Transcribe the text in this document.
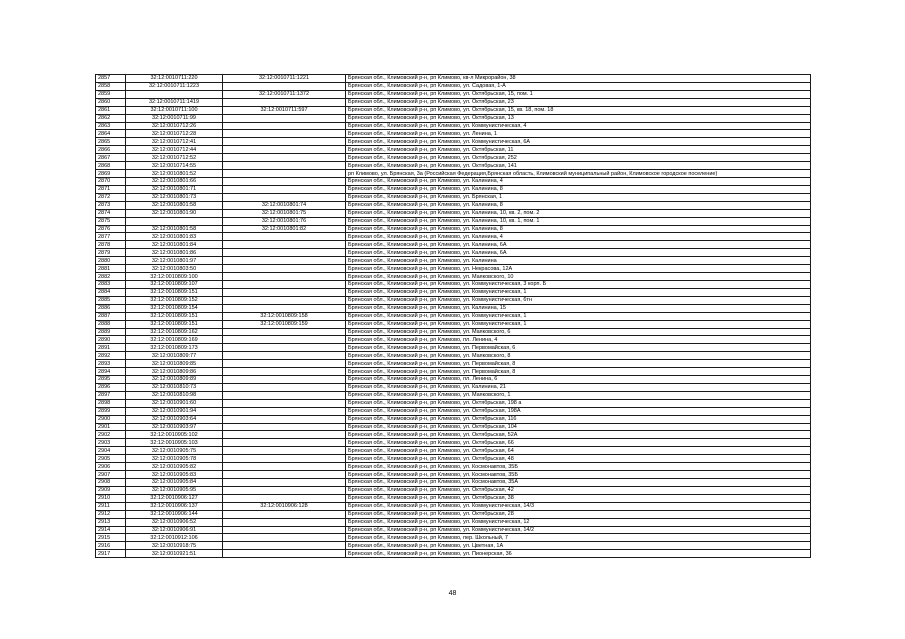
2857	32:12:0010711:220	32:12:0010711:1221	Брянская обл., Климовский р-н, рп Климово, кв-л Микрорайон, 38
2858	32:12:0010711:1223		Брянская обл., Климовский р-н, рп Климово, ул. Садовая, 1-А
2859		32:12:0010711:1372	Брянская обл., Климовский р-н, рп Климово, ул. Октябрьская, 15, пом. 1
2860	32:12:0010711:1419		Брянская обл., Климовский р-н, рп Климово, ул. Октябрьская, 23
2861	32:12:0010711:100	32:12:0010711:597	Брянская обл., Климовский р-н, рп Климово, ул. Октябрьская, 15, кв. 18, пом. 18
2862	32:12:0010711:99		Брянская обл., Климовский р-н, рп Климово, ул. Октябрьская, 13
2863	32:12:0010712:26		Брянская обл., Климовский р-н, рп Климово, ул. Коммунистическая, 4
2864	32:12:0010712:28		Брянская обл., Климовский р-н, рп Климово, ул. Ленина, 1
2865	32:12:0010712:41		Брянская обл., Климовский р-н, рп Климово, ул. Коммунистическая, 6А
2866	32:12:0010712:44		Брянская обл., Климовский р-н, рп Климово, ул. Октябрьская, 11
2867	32:12:0010712:52		Брянская обл., Климовский р-н, рп Климово, ул. Октябрьская, 252
2868	32:12:0010714:55		Брянская обл., Климовский р-н, рп Климово, ул. Октябрьская, 141
2869	32:12:0010801:52		рп Климово, ул. Брянская, 3а (Российская Федерация,Брянская область, Климовский муниципальный район, Климовское городское поселение)
2870	32:12:0010801:66		Брянская обл., Климовский р-н, рп Климово, ул. Калинина, 4
2871	32:12:0010801:71		Брянская обл., Климовский р-н, рп Климово, ул. Калинина, 8
2872	32:12:0010801:73		Брянская обл., Климовский р-н, рп Климово, ул. Брянская, 1
2873	32:12:0010801:58	32:12:0010801:74	Брянская обл., Климовский р-н, рп Климово, ул. Калинина, 8
2874	32:12:0010801:90	32:12:0010801:75	Брянская обл., Климовский р-н, рп Климово, ул. Калинина, 10, кв. 2, пом. 2
2875		32:12:0010801:76	Брянская обл., Климовский р-н, рп Климово, ул. Калинина, 10, кв. 1, пом. 1
2876	32:12:0010801:58	32:12:0010801:82	Брянская обл., Климовский р-н, рп Климово, ул. Калинина, 8
2877	32:12:0010801:83		Брянская обл., Климовский р-н, рп Климово, ул. Калинина, 4
2878	32:12:0010801:84		Брянская обл., Климовский р-н, рп Климово, ул. Калинина, 6А
2879	32:12:0010801:86		Брянская обл., Климовский р-н, рп Климово, ул. Калинина, 6А
2880	32:12:0010801:97		Брянская обл., Климовский р-н, рп Климово, ул. Калинина
2881	32:12:0010803:50		Брянская обл., Климовский р-н, рп Климово, ул. Некрасова, 12А
2882	32:12:0010809:100		Брянская обл., Климовский р-н, рп Климово, ул. Маяковского, 10
2883	32:12:0010809:107		Брянская обл., Климовский р-н, рп Климово, ул. Коммунистическая, 3 корп. Б
2884	32:12:0010809:151		Брянская обл., Климовский р-н, рп Климово, ул. Коммунистическая, 1
2885	32:12:0010809:152		Брянская обл., Климовский р-н, рп Климово, ул. Коммунистическая, 6тн
2886	32:12:0010809:154		Брянская обл., Климовский р-н, рп Климово, ул. Калинина, 15
2887	32:12:0010809:151	32:12:0010809:158	Брянская обл., Климовский р-н, рп Климово, ул. Коммунистическая, 1
2888	32:12:0010809:151	32:12:0010809:159	Брянская обл., Климовский р-н, рп Климово, ул. Коммунистическая, 1
2889	32:12:0010809:162		Брянская обл., Климовский р-н, рп Климово, ул. Маяковского, 6
2890	32:12:0010809:169		Брянская обл., Климовский р-н, рп Климово, пл. Ленина, 4
2891	32:12:0010809:173		Брянская обл., Климовский р-н, рп Климово, ул. Первомайская, 6
2892	32:12:0010809:77		Брянская обл., Климовский р-н, рп Климово, ул. Маяковского, 8
2893	32:12:0010809:85		Брянская обл., Климовский р-н, рп Климово, ул. Первомайская, 8
2894	32:12:0010809:86		Брянская обл., Климовский р-н, рп Климово, ул. Первомайская, 8
2895	32:12:0010809:89		Брянская обл., Климовский р-н, рп Климово, пл. Ленина, 6
2896	32:12:0010810:73		Брянская обл., Климовский р-н, рп Климово, ул. Калинина, 21
2897	32:12:0010810:98		Брянская обл., Климовский р-н, рп Климово, ул. Маяковского, 1
2898	32:12:0010901:60		Брянская обл., Климовский р-н, рп Климово, ул. Октябрьская, 198 а
2899	32:12:0010901:94		Брянская обл., Климовский р-н, рп Климово, ул. Октябрьская, 198А
2900	32:12:0010903:64		Брянская обл., Климовский р-н, рп Климово, ул. Октябрьская, 116
2901	32:12:0010903:97		Брянская обл., Климовский р-н, рп Климово, ул. Октябрьская, 104
2902	32:12:0010905:102		Брянская обл., Климовский р-н, рп Климово, ул. Октябрьская, 52А
2903	32:12:0010905:103		Брянская обл., Климовский р-н, рп Климово, ул. Октябрьская, 66
2904	32:12:0010905:75		Брянская обл., Климовский р-н, рп Климово, ул. Октябрьская, 64
2905	32:12:0010905:78		Брянская обл., Климовский р-н, рп Климово, ул. Октябрьская, 48
2906	32:12:0010905:82		Брянская обл., Климовский р-н, рп Климово, ул. Космонавтов, 35Б
2907	32:12:0010905:83		Брянская обл., Климовский р-н, рп Климово, ул. Космонавтов, 35Б
2908	32:12:0010905:84		Брянская обл., Климовский р-н, рп Климово, ул. Космонавтов, 35А
2909	32:12:0010905:95		Брянская обл., Климовский р-н, рп Климово, ул. Октябрьская, 42
2910	32:12:0010906:127		Брянская обл., Климовский р-н, рп Климово, ул. Октябрьская, 38
2911	32:12:0010906:137	32:12:0010906:128	Брянская обл., Климовский р-н, рп Климово, ул. Коммунистическая, 14/3
2912	32:12:0010906:144		Брянская обл., Климовский р-н, рп Климово, ул. Октябрьская, 28
2913	32:12:0010906:52		Брянская обл., Климовский р-н, рп Климово, ул. Коммунистическая, 12
2914	32:12:0010906:91		Брянская обл., Климовский р-н, рп Климово, ул. Коммунистическая, 14/2
2915	32:12:0010912:106		Брянская обл., Климовский р-н, рп Климово, пер. Школьный, 7
2916	32:12:0010918:75		Брянская обл., Климовский р-н, рп Климово, ул. Цветная, 1А
2917	32:12:0010921:51		Брянская обл., Климовский р-н, рп Климово, ул. Пионерская, 36
48
